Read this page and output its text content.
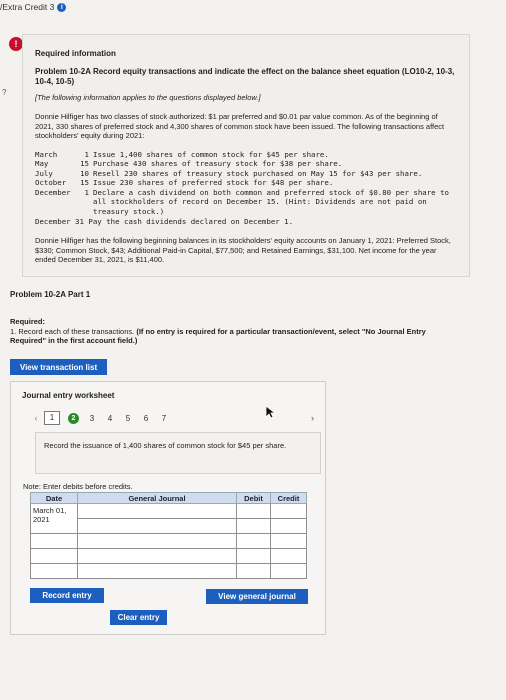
/Extra Credit 3 i
!
?
Required information
Problem 10-2A Record equity transactions and indicate the effect on the balance sheet equation (LO10-2, 10-3, 10-4, 10-5)
[The following information applies to the questions displayed below.]
Donnie Hilfiger has two classes of stock authorized: $1 par preferred and $0.01 par value common. As of the beginning of 2021, 330 shares of preferred stock and 4,300 shares of common stock have been issued. The following transactions affect stockholders' equity during 2021:
March	1	Issue 1,400 shares of common stock for $45 per share.
May	15	Purchase 430 shares of treasury stock for $38 per share.
July	10	Resell 230 shares of treasury stock purchased on May 15 for $43 per share.
October	15	Issue 230 shares of preferred stock for $48 per share.
December	1	Declare a cash dividend on both common and preferred stock of $0.80 per share to all stockholders of record on December 15. (Hint: Dividends are not paid on treasury stock.)
December 31 Pay the cash dividends declared on December 1.		
Donnie Hilfiger has the following beginning balances in its stockholders' equity accounts on January 1, 2021: Preferred Stock, $330; Common Stock, $43; Additional Paid-in Capital, $77,500; and Retained Earnings, $31,100. Net income for the year ended December 31, 2021, is $11,400.
Problem 10-2A Part 1
Required:
1. Record each of these transactions. (If no entry is required for a particular transaction/event, select "No Journal Entry Required" in the first account field.)
View transaction list
Journal entry worksheet
‹	1	2	3	4	5	6	7	›
Record the issuance of 1,400 shares of common stock for $45 per share.
Note: Enter debits before credits.
Date	General Journal	Debit	Credit
March 01, 2021			

Record entry	View general journal
Clear entry
